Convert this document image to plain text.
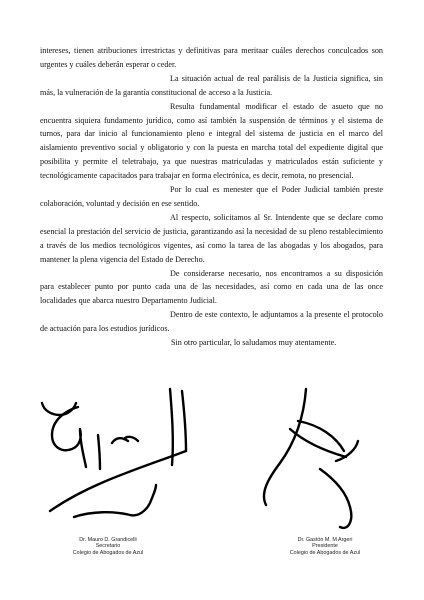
intereses, tienen atribuciones irrestrictas y definitivas para meritaar cuáles derechos conculcados son urgentes y cuáles deberán esperar o ceder.

La situación actual de real parálisis de la Justicia significa, sin más, la vulneración de la garantía constitucional de acceso a la Justicia.

Resulta fundamental modificar el estado de asueto que no encuentra siquiera fundamento jurídico, como así también la suspensión de términos y el sistema de turnos, para dar inicio al funcionamiento pleno e integral del sistema de justicia en el marco del aislamiento preventivo social y obligatorio y con la puesta en marcha total del expediente digital que posibilita y permite el teletrabajo, ya que nuestras matriculadas y matriculados están suficiente y tecnológicamente capacitados para trabajar en forma electrónica, es decir, remota, no presencial.

Por lo cual es menester que el Poder Judicial también preste colaboración, voluntad y decisión en ese sentido.

Al respecto, solicitamos al Sr. Intendente que se declare como esencial la prestación del servicio de justicia, garantizando así la necesidad de su pleno restablecimiento a través de los medios tecnológicos vigentes, así como la tarea de las abogadas y los abogados, para mantener la plena vigencia del Estado de Derecho.

De considerarse necesario, nos encontramos a su disposición para establecer punto por punto cada una de las necesidades, así como en cada una de las once localidades que abarca nuestro Departamento Judicial.

Dentro de este contexto, le adjuntamos a la presente el protocolo de actuación para los estudios jurídicos.

Sin otro particular, lo saludamos muy atentamente.

Dr. Mauro D. Grandicelli
Secretario
Colegio de Abogados de Azul
Dr. Gastón M. M Argeri
Presidente
Colegio de Abogados de Azul
